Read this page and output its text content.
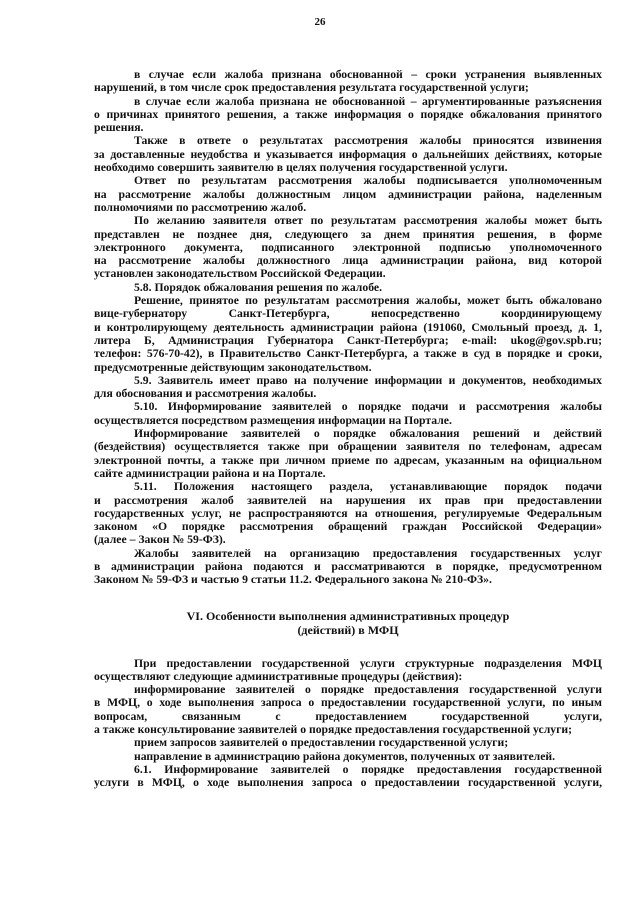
26
в случае если жалоба признана обоснованной – сроки устранения выявленных
нарушений, в том числе срок предоставления результата государственной услуги;
в случае если жалоба признана не обоснованной – аргументированные разъяснения
о причинах принятого решения, а также информация о порядке обжалования принятого
решения.
Также в ответе о результатах рассмотрения жалобы приносятся извинения
за доставленные неудобства и указывается информация о дальнейших действиях, которые
необходимо совершить заявителю в целях получения государственной услуги.
Ответ по результатам рассмотрения жалобы подписывается уполномоченным
на рассмотрение жалобы должностным лицом администрации района, наделенным
полномочиями по рассмотрению жалоб.
По желанию заявителя ответ по результатам рассмотрения жалобы может быть
представлен не позднее дня, следующего за днем принятия решения, в форме
электронного документа, подписанного электронной подписью уполномоченного
на рассмотрение жалобы должностного лица администрации района, вид которой
установлен законодательством Российской Федерации.
5.8. Порядок обжалования решения по жалобе.
Решение, принятое по результатам рассмотрения жалобы, может быть обжаловано
вице-губернатору Санкт-Петербурга, непосредственно координирующему
и контролирующему деятельность администрации района (191060, Смольный проезд, д. 1,
литера Б, Администрация Губернатора Санкт-Петербурга; e-mail: ukog@gov.spb.ru;
телефон: 576-70-42), в Правительство Санкт-Петербурга, а также в суд в порядке и сроки,
предусмотренные действующим законодательством.
5.9. Заявитель имеет право на получение информации и документов, необходимых
для обоснования и рассмотрения жалобы.
5.10. Информирование заявителей о порядке подачи и рассмотрения жалобы
осуществляется посредством размещения информации на Портале.
Информирование заявителей о порядке обжалования решений и действий
(бездействия) осуществляется также при обращении заявителя по телефонам, адресам
электронной почты, а также при личном приеме по адресам, указанным на официальном
сайте администрации района и на Портале.
5.11. Положения настоящего раздела, устанавливающие порядок подачи
и рассмотрения жалоб заявителей на нарушения их прав при предоставлении
государственных услуг, не распространяются на отношения, регулируемые Федеральным
законом «О порядке рассмотрения обращений граждан Российской Федерации»
(далее – Закон № 59-ФЗ).
Жалобы заявителей на организацию предоставления государственных услуг
в администрации района подаются и рассматриваются в порядке, предусмотренном
Законом № 59-ФЗ и частью 9 статьи 11.2. Федерального закона № 210-ФЗ».
VI. Особенности выполнения административных процедур
(действий) в МФЦ
При предоставлении государственной услуги структурные подразделения МФЦ
осуществляют следующие административные процедуры (действия):
информирование заявителей о порядке предоставления государственной услуги
в МФЦ, о ходе выполнения запроса о предоставлении государственной услуги, по иным
вопросам, связанным с предоставлением государственной услуги,
а также консультирование заявителей о порядке предоставления государственной услуги;
прием запросов заявителей о предоставлении государственной услуги;
направление в администрацию района документов, полученных от заявителей.
6.1. Информирование заявителей о порядке предоставления государственной
услуги в МФЦ, о ходе выполнения запроса о предоставлении государственной услуги,
